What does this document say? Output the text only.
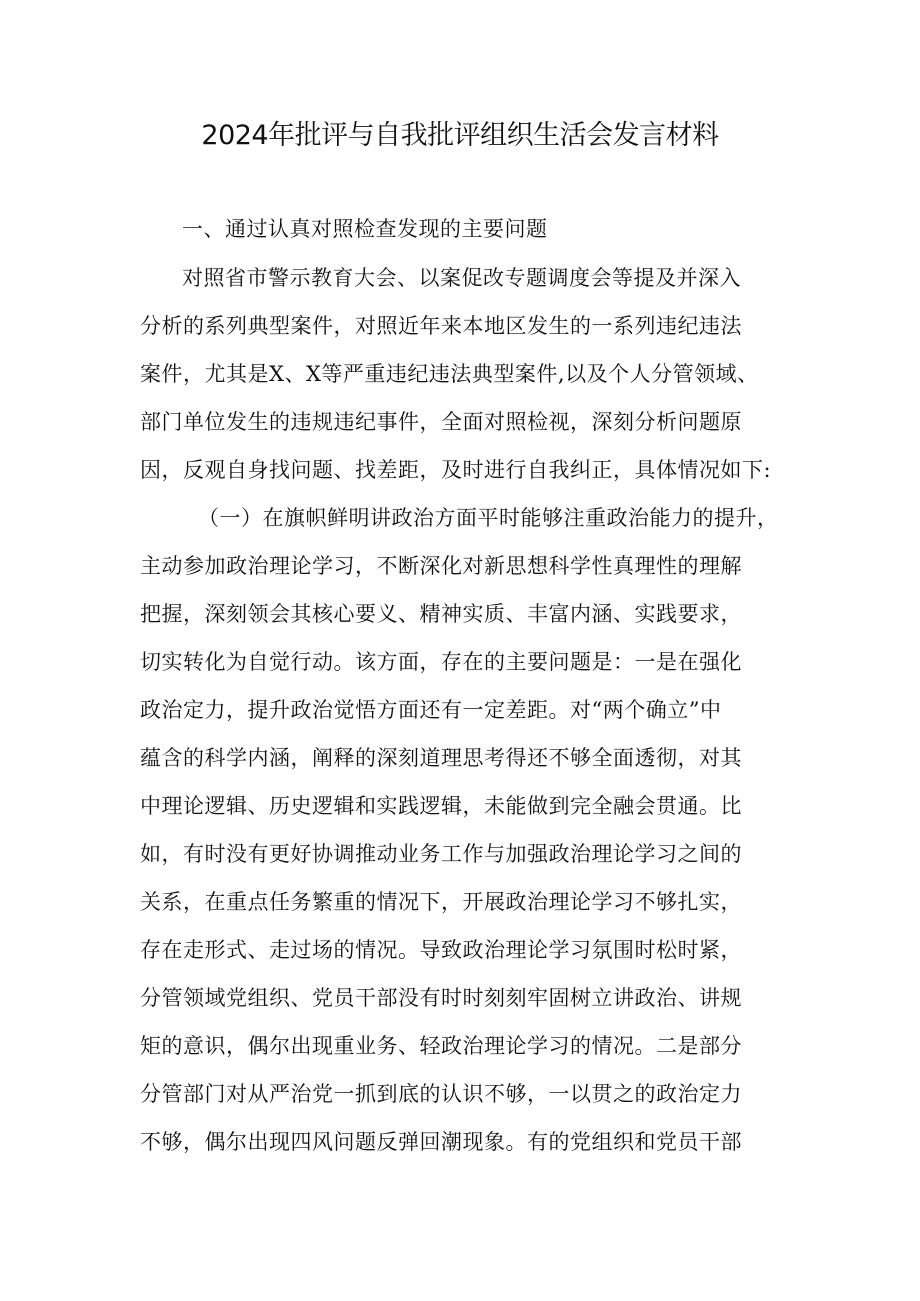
2024年批评与自我批评组织生活会发言材料
一、通过认真对照检查发现的主要问题
对照省市警示教育大会、以案促改专题调度会等提及并深入
分析的系列典型案件，对照近年来本地区发生的一系列违纪违法
案件，尤其是X、X等严重违纪违法典型案件,以及个人分管领域、
部门单位发生的违规违纪事件，全面对照检视，深刻分析问题原
因，反观自身找问题、找差距，及时进行自我纠正，具体情况如下:
（一）在旗帜鲜明讲政治方面平时能够注重政治能力的提升，
主动参加政治理论学习，不断深化对新思想科学性真理性的理解
把握，深刻领会其核心要义、精神实质、丰富内涵、实践要求，
切实转化为自觉行动。该方面，存在的主要问题是：一是在强化
政治定力，提升政治觉悟方面还有一定差距。对“两个确立”中
蕴含的科学内涵，阐释的深刻道理思考得还不够全面透彻，对其
中理论逻辑、历史逻辑和实践逻辑，未能做到完全融会贯通。比
如，有时没有更好协调推动业务工作与加强政治理论学习之间的
关系，在重点任务繁重的情况下，开展政治理论学习不够扎实，
存在走形式、走过场的情况。导致政治理论学习氛围时松时紧，
分管领域党组织、党员干部没有时时刻刻牢固树立讲政治、讲规
矩的意识，偶尔出现重业务、轻政治理论学习的情况。二是部分
分管部门对从严治党一抓到底的认识不够，一以贯之的政治定力
不够，偶尔出现四风问题反弹回潮现象。有的党组织和党员干部
